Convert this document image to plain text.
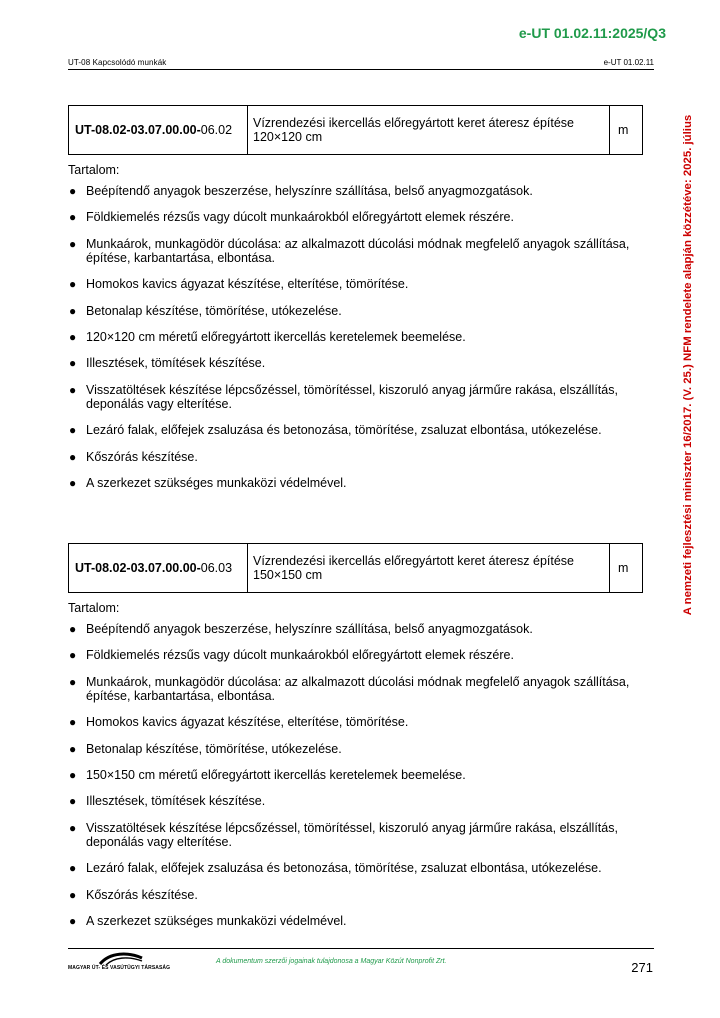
e-UT 01.02.11:2025/Q3
UT-08 Kapcsolódó munkák	e-UT 01.02.11
A nemzeti fejlesztési miniszter 16/2017. (V. 25.) NFM rendelete alapján közzétéve: 2025. július
UT-08.02-03.07.00.00-06.02	Vízrendezési ikercellás előregyártott keret áteresz építése 120×120 cm	m
Tartalom:
● Beépítendő anyagok beszerzése, helyszínre szállítása, belső anyagmozgatások.
● Földkiemelés rézsűs vagy dúcolt munkaárokból előregyártott elemek részére.
● Munkaárok, munkagödör dúcolása: az alkalmazott dúcolási módnak megfelelő anyagok szállítása, építése, karbantartása, elbontása.
● Homokos kavics ágyazat készítése, elterítése, tömörítése.
● Betonalap készítése, tömörítése, utókezelése.
● 120×120 cm méretű előregyártott ikercellás keretelemek beemelése.
● Illesztések, tömítések készítése.
● Visszatöltések készítése lépcsőzéssel, tömörítéssel, kiszoruló anyag járműre rakása, elszállítás, deponálás vagy elterítése.
● Lezáró falak, előfejek zsaluzása és betonozása, tömörítése, zsaluzat elbontása, utókezelése.
● Kőszórás készítése.
● A szerkezet szükséges munkaközi védelmével.
UT-08.02-03.07.00.00-06.03	Vízrendezési ikercellás előregyártott keret áteresz építése 150×150 cm	m
Tartalom:
● Beépítendő anyagok beszerzése, helyszínre szállítása, belső anyagmozgatások.
● Földkiemelés rézsűs vagy dúcolt munkaárokból előregyártott elemek részére.
● Munkaárok, munkagödör dúcolása: az alkalmazott dúcolási módnak megfelelő anyagok szállítása, építése, karbantartása, elbontása.
● Homokos kavics ágyazat készítése, elterítése, tömörítése.
● Betonalap készítése, tömörítése, utókezelése.
● 150×150 cm méretű előregyártott ikercellás keretelemek beemelése.
● Illesztések, tömítések készítése.
● Visszatöltések készítése lépcsőzéssel, tömörítéssel, kiszoruló anyag járműre rakása, elszállítás, deponálás vagy elterítése.
● Lezáró falak, előfejek zsaluzása és betonozása, tömörítése, zsaluzat elbontása, utókezelése.
● Kőszórás készítése.
● A szerkezet szükséges munkaközi védelmével.
MAGYAR ÚT- ÉS VASÚTÜGYI TÁRSASÁG
A dokumentum szerzői jogainak tulajdonosa a Magyar Közút Nonprofit Zrt.	271
